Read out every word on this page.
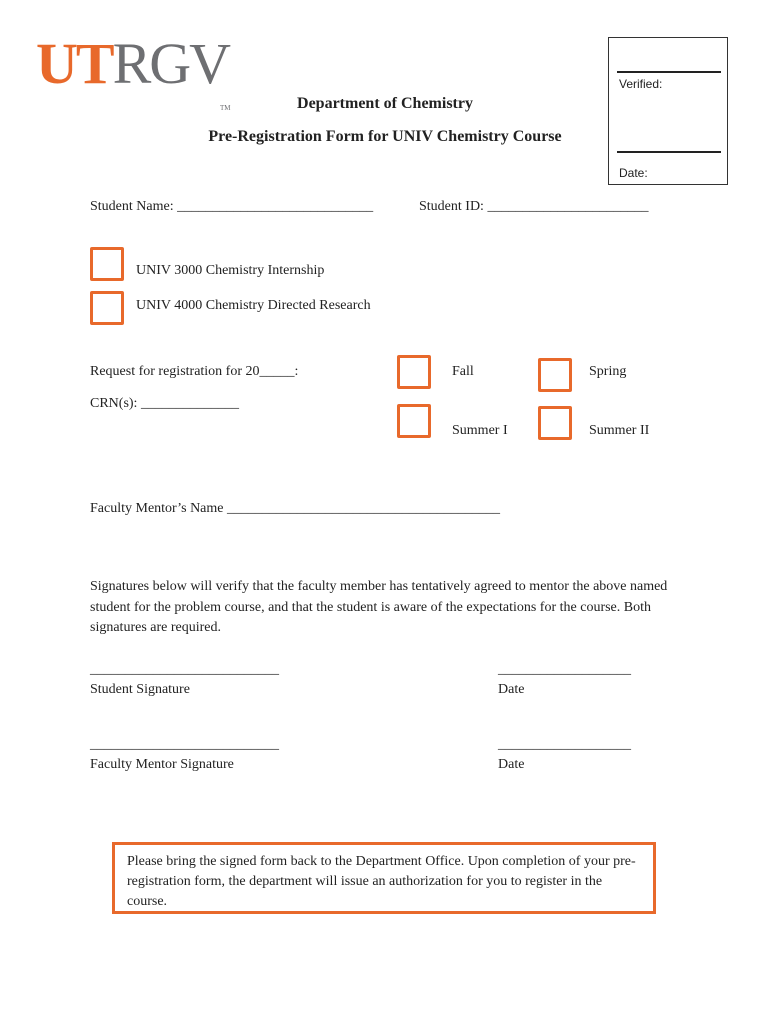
UTRGV
TM
Verified:
Date:
Department of Chemistry
Pre-Registration Form for UNIV Chemistry Course
Student Name: ____________________________	Student ID: _______________________
UNIV 3000 Chemistry Internship
UNIV 4000 Chemistry Directed Research
Request for registration for 20_____:
CRN(s): ______________
Fall	Spring
Summer I	Summer II
Faculty Mentor’s Name _______________________________________
Signatures below will verify that the faculty member has tentatively agreed to mentor the above named student for the problem course, and that the student is aware of the expectations for the course. Both signatures are required.
___________________________
Student Signature
___________________
Date
___________________________
Faculty Mentor Signature
___________________
Date
Please bring the signed form back to the Department Office. Upon completion of your pre-registration form, the department will issue an authorization for you to register in the course.
